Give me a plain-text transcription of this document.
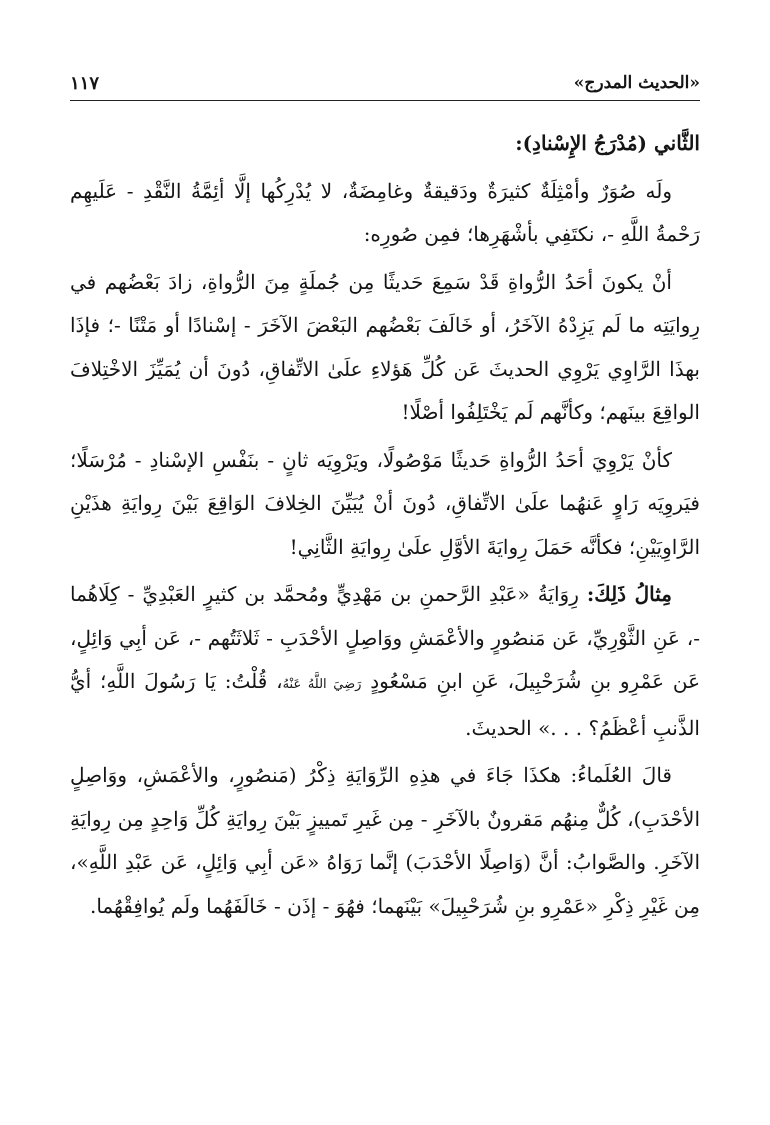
١١٧	«الحديث المدرج»
الثَّاني (مُدْرَجُ الإِسْنادِ):

ولَه صُوَرٌ وأمْثِلَةٌ كثيرَةٌ ودَقيقةٌ وغامِضَةٌ، لا يُدْرِكُها إلَّا أئِمَّةُ النَّقْدِ - عَلَيهِم رَحْمةُ اللَّهِ -، نكتَفِي بأشْهَرِها؛ فمِن صُورِه:

أنْ يكونَ أحَدُ الرُّواةِ قَدْ سَمِعَ حَديثًا مِن جُملَةٍ مِنَ الرُّواةِ، زادَ بَعْضُهم في رِوايَتِه ما لَم يَزِدْهُ الآخَرُ، أو خَالَفَ بَعْضُهم البَعْضَ الآخَرَ - إسْنادًا أو مَتْنًا -؛ فإذَا بهذَا الرَّاوِي يَرْوِي الحديثَ عَن كُلِّ هَؤلاءِ علَىٰ الاتِّفاقِ، دُونَ أن يُمَيِّزَ الاخْتِلافَ الواقِعَ بينَهم؛ وكأنَّهم لَم يَخْتَلِفُوا أصْلًا!

كأنْ يَرْوِيَ أحَدُ الرُّواةِ حَديثًا مَوْصُولًا، ويَرْوِيَه ثانٍ - بنَفْسِ الإسْنادِ - مُرْسَلًا؛ فيَروِيَه رَاوٍ عَنهُما علَىٰ الاتِّفاقِ، دُونَ أنْ يُبَيِّنَ الخِلافَ الوَاقِعَ بَيْنَ رِوايَةِ هذَيْنِ الرَّاوِيَيْنِ؛ فكأنَّه حَمَلَ رِوايَةَ الأوَّلِ علَىٰ رِوايَةِ الثَّانِي!

مِثالُ ذَلِكَ: رِوَايَةُ «عَبْدِ الرَّحمنِ بن مَهْدِيٍّ ومُحمَّد بن كثيرٍ العَبْدِيِّ - كِلَاهُما -، عَنِ الثَّوْرِيِّ، عَن مَنصُورٍ والأعْمَشِ ووَاصِلٍ الأحْدَبِ - ثَلاثَتُهم -، عَن أبِي وَائِلٍ، عَن عَمْرِو بنِ شُرَحْبِيلَ، عَنِ ابنِ مَسْعُودٍ رَضِيَ اللَّهُ عَنْهُ، قُلْتُ: يَا رَسُولَ اللَّهِ؛ أيُّ الذَّنبِ أعْظَمُ؟ . . .» الحديثَ.

قالَ العُلَماءُ: هكذَا جَاءَ في هذِهِ الرِّوَايَةِ ذِكْرُ (مَنصُورٍ، والأعْمَشِ، ووَاصِلٍ الأحْدَبِ)، كُلٌّ مِنهُم مَقرونٌ بالآخَرِ - مِن غَيرِ تَمييزٍ بَيْنَ رِوايَةِ كُلِّ وَاحِدٍ مِن رِوايَةِ الآخَرِ. والصَّوابُ: أنَّ (وَاصِلًا الأحْدَبَ) إنَّما رَوَاهُ «عَن أبِي وَائِلٍ، عَن عَبْدِ اللَّهِ»، مِن غَيْرِ ذِكْرِ «عَمْرِو بنِ شُرَحْبِيلَ» بَيْنَهما؛ فهُوَ - إذَن - خَالَفَهُما ولَم يُوافِقْهُما.
